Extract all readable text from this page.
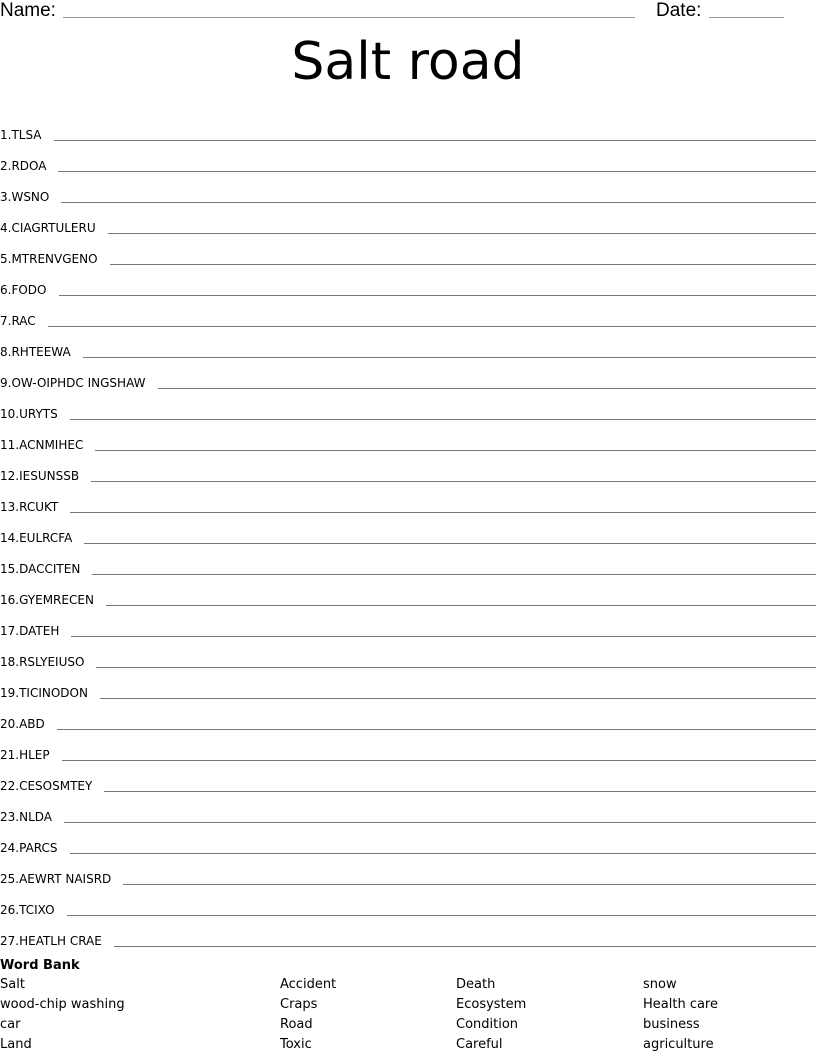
Name:	Date:
Salt road
1. TLSA
2. RDOA
3. WSNO
4. CIAGRTULERU
5. MTRENVGENO
6. FODO
7. RAC
8. RHTEEWA
9. OW-OIPHDC INGSHAW
10. URYTS
11. ACNMIHEC
12. IESUNSSB
13. RCUKT
14. EULRCFA
15. DACCITEN
16. GYEMRECEN
17. DATEH
18. RSLYEIUSO
19. TICINODON
20. ABD
21. HLEP
22. CESOSMTEY
23. NLDA
24. PARCS
25. AEWRT NAISRD
26. TCIXO
27. HEATLH CRAE
Word Bank
Salt	Accident	Death	snow
wood-chip washing	Craps	Ecosystem	Health care
car	Road	Condition	business
Land	Toxic	Careful	agriculture
